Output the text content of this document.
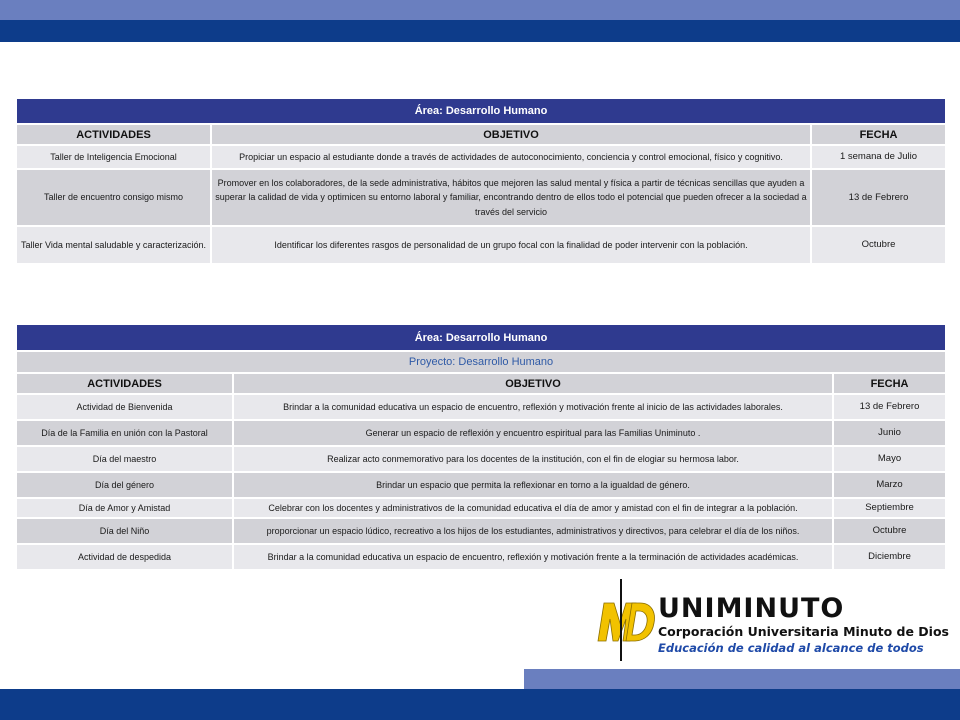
Área: Desarrollo Humano		
ACTIVIDADES	OBJETIVO	FECHA
Taller de Inteligencia Emocional	Propiciar un espacio al estudiante donde a través de actividades de autoconocimiento, conciencia y control emocional, físico y cognitivo.	1 semana de Julio
Taller de encuentro consigo mismo	Promover en los colaboradores, de la sede administrativa, hábitos que mejoren las salud mental y física a partir de técnicas sencillas que ayuden a superar la calidad de vida y optimicen su entorno laboral y familiar, encontrando dentro de ellos todo el potencial que pueden ofrecer a la sociedad a través del servicio	13 de Febrero
Taller Vida mental saludable y caracterización.	Identificar los diferentes rasgos de personalidad de un grupo focal con la finalidad de poder intervenir con la población.	Octubre
Área: Desarrollo Humano		
Proyecto: Desarrollo Humano		
ACTIVIDADES	OBJETIVO	FECHA
Actividad de Bienvenida	Brindar a la comunidad educativa un espacio de encuentro, reflexión y motivación frente al inicio de las actividades laborales.	13 de Febrero
Día de la Familia en unión con la Pastoral	Generar un espacio de reflexión y encuentro espiritual para las Familias Uniminuto .	Junio
Día del maestro	Realizar acto conmemorativo para los docentes de la institución, con el fin de elogiar su hermosa labor.	Mayo
Día del género	Brindar un espacio que permita la reflexionar en torno a la igualdad de género.	Marzo
Día de Amor y Amistad	Celebrar con los docentes y administrativos de la comunidad educativa el día de amor y amistad con el fin de integrar a la población.	Septiembre
Día del Niño	proporcionar un espacio lúdico, recreativo a los hijos de los estudiantes, administrativos y directivos, para celebrar el día de los niños.	Octubre
Actividad de despedida	Brindar a la comunidad educativa un espacio de encuentro, reflexión y motivación frente a la terminación de actividades académicas.	Diciembre
UNIMINUTO
Corporación Universitaria Minuto de Dios
Educación de calidad al alcance de todos
